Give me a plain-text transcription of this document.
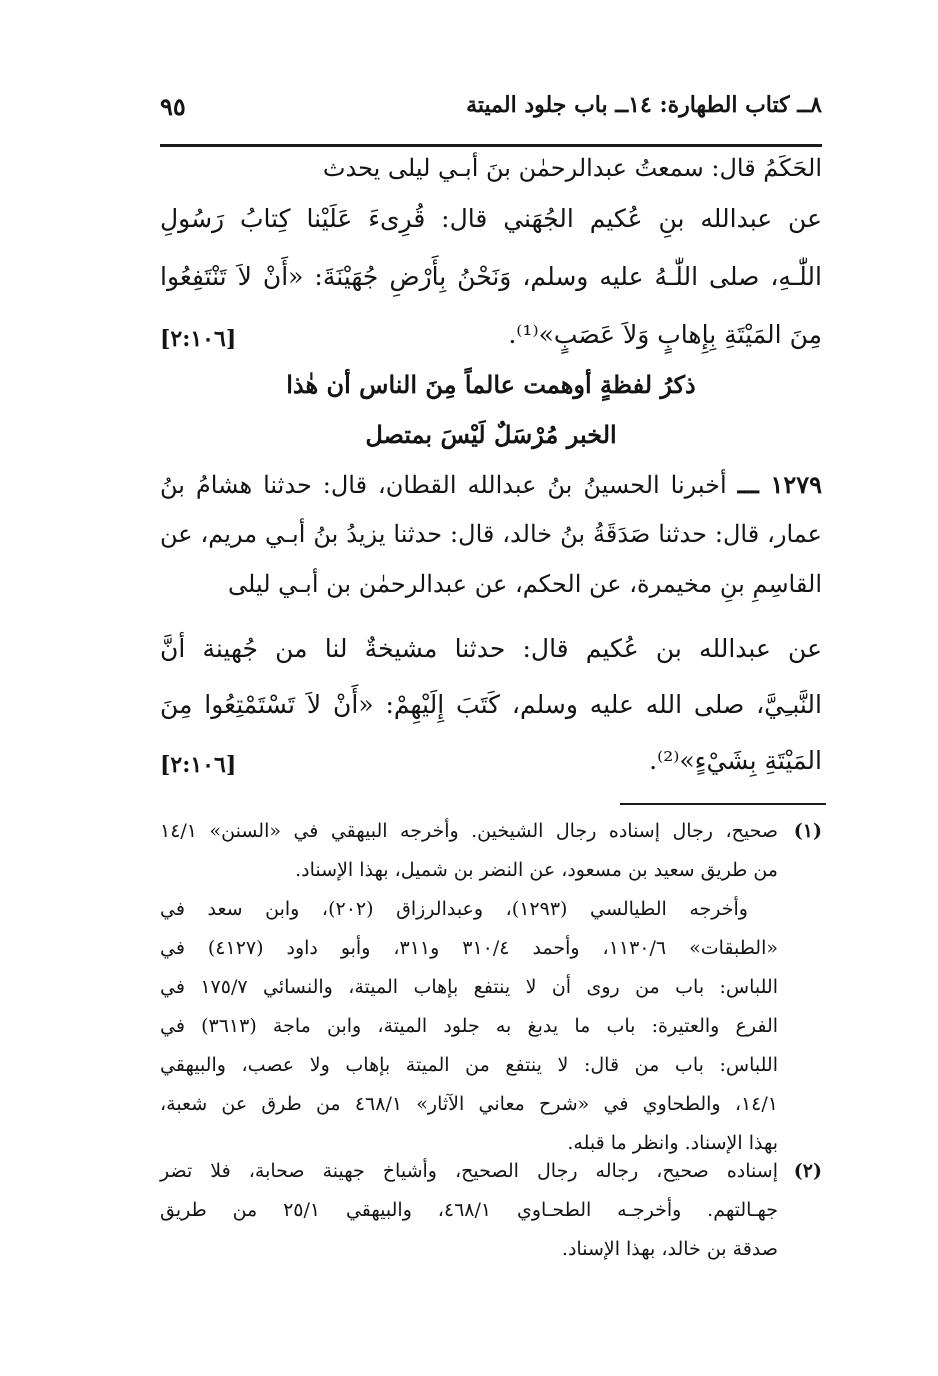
٨ــ كتاب الطهارة: ١٤ــ باب جلود الميتة
٩٥
الحَكَمُ قال: سمعتُ عبدالرحمٰن بنَ أبـي ليلى يحدث
عن عبدالله بنِ عُكيم الجُهَني قال: قُرِىءَ عَلَيْنا كِتابُ رَسُولِ
اللّٰـهِ، صلى اللّٰـهُ عليه وسلم، وَنَحْنُ بِأَرْضِ جُهَيْنَةَ: «أَنْ لاَ تَنْتَفِعُوا
مِنَ المَيْتَةِ بِإِهابٍ وَلاَ عَصَبٍ»⁽¹⁾.
[٢:١٠٦]
ذكرُ لفظةٍ أوهمت عالماً مِنَ الناس أن هٰذا
الخبر مُرْسَلٌ لَيْسَ بمتصل
١٢٧٩ ـــ أخبرنا الحسينُ بنُ عبدالله القطان، قال: حدثنا هشامُ بنُ
عمار، قال: حدثنا صَدَقَةُ بنُ خالد، قال: حدثنا يزيدُ بنُ أبـي مريم، عن
القاسِمِ بنِ مخيمرة، عن الحكم، عن عبدالرحمٰن بن أبـي ليلى
عن عبدالله بن عُكيم قال: حدثنا مشيخةٌ لنا من جُهينة أنَّ
النَّبـِيَّ، صلى الله عليه وسلم، كَتَبَ إِلَيْهِمْ: «أَنْ لاَ تَسْتَمْتِعُوا مِنَ
المَيْتَةِ بِشَيْءٍ»⁽²⁾.
[٢:١٠٦]
(١)
صحيح، رجال إسناده رجال الشيخين. وأخرجه البيهقي في «السنن» ١٤/١
من طريق سعيد بن مسعود، عن النضر بن شميل، بهذا الإسناد.
وأخرجه الطيالسي (١٢٩٣)، وعبدالرزاق (٢٠٢)، وابن سعد في
«الطبقات» ١١٣٠/٦، وأحمد ٣١٠/٤ و٣١١، وأبو داود (٤١٢٧) في
اللباس: باب من روى أن لا ينتفع بإهاب الميتة، والنسائي ١٧٥/٧ في
الفرع والعتيرة: باب ما يدبغ به جلود الميتة، وابن ماجة (٣٦١٣) في
اللباس: باب من قال: لا ينتفع من الميتة بإهاب ولا عصب، والبيهقي
١٤/١، والطحاوي في «شرح معاني الآثار» ٤٦٨/١ من طرق عن شعبة،
بهذا الإسناد. وانظر ما قبله.
(٢)
إسناده صحيح، رجاله رجال الصحيح، وأشياخ جهينة صحابة، فلا تضر
جهـالتهم. وأخرجـه الطحـاوي ٤٦٨/١، والبيهقي ٢٥/١ من طريق
صدقة بن خالد، بهذا الإسناد.
